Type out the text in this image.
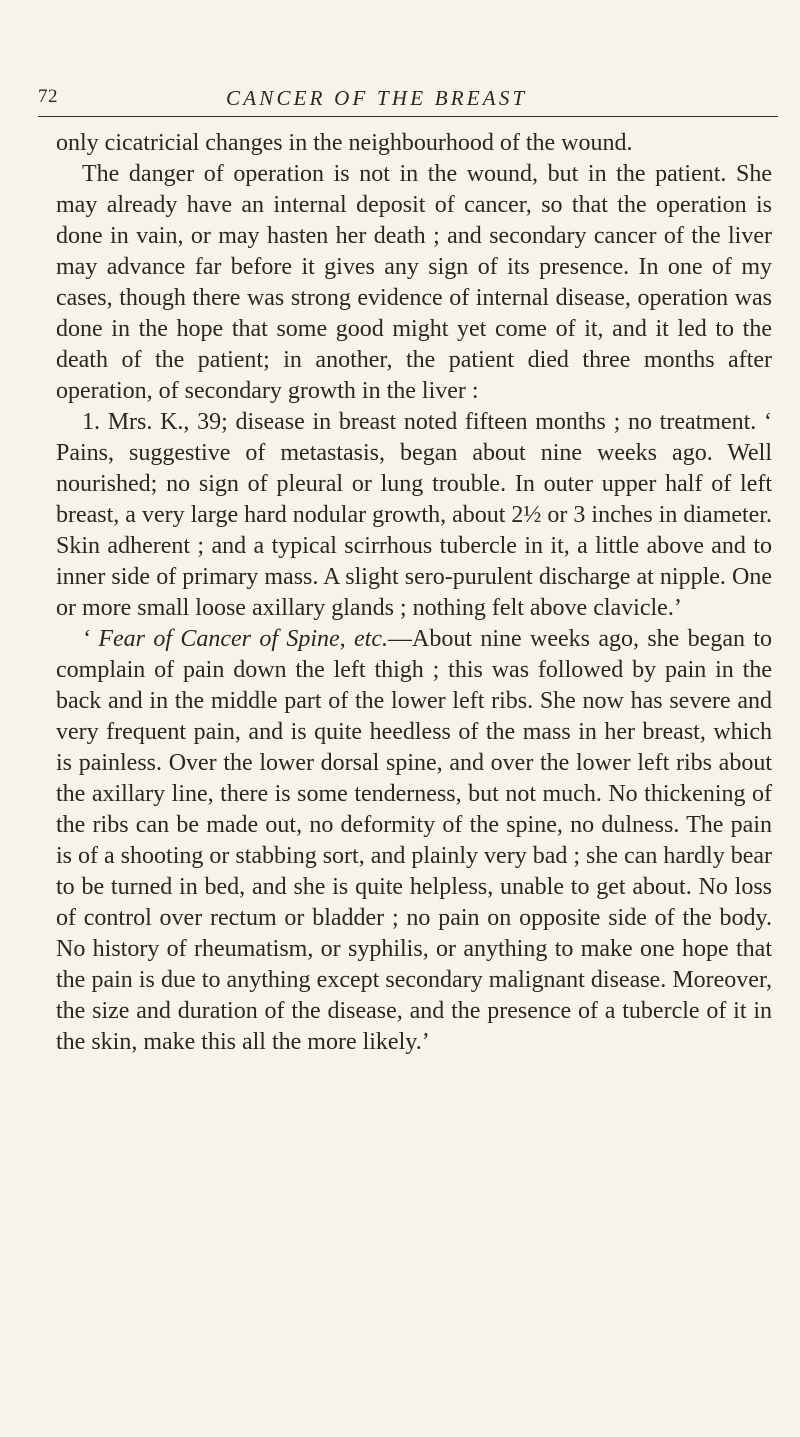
72	CANCER OF THE BREAST

only cicatricial changes in the neighbourhood of the wound.

The danger of operation is not in the wound, but in the patient. She may already have an internal deposit of cancer, so that the operation is done in vain, or may hasten her death ; and secondary cancer of the liver may advance far before it gives any sign of its presence. In one of my cases, though there was strong evidence of internal disease, operation was done in the hope that some good might yet come of it, and it led to the death of the patient; in another, the patient died three months after operation, of secondary growth in the liver :

1. Mrs. K., 39; disease in breast noted fifteen months ; no treatment. ‘ Pains, suggestive of metastasis, began about nine weeks ago. Well nourished; no sign of pleural or lung trouble. In outer upper half of left breast, a very large hard nodular growth, about 2½ or 3 inches in diameter. Skin adherent ; and a typical scirrhous tubercle in it, a little above and to inner side of primary mass. A slight sero-purulent discharge at nipple. One or more small loose axillary glands ; nothing felt above clavicle.’

‘ Fear of Cancer of Spine, etc.—About nine weeks ago, she began to complain of pain down the left thigh ; this was followed by pain in the back and in the middle part of the lower left ribs. She now has severe and very frequent pain, and is quite heedless of the mass in her breast, which is painless. Over the lower dorsal spine, and over the lower left ribs about the axillary line, there is some tenderness, but not much. No thickening of the ribs can be made out, no deformity of the spine, no dulness. The pain is of a shooting or stabbing sort, and plainly very bad ; she can hardly bear to be turned in bed, and she is quite helpless, unable to get about. No loss of control over rectum or bladder ; no pain on opposite side of the body. No history of rheumatism, or syphilis, or anything to make one hope that the pain is due to anything except secondary malignant disease. Moreover, the size and duration of the disease, and the presence of a tubercle of it in the skin, make this all the more likely.’
